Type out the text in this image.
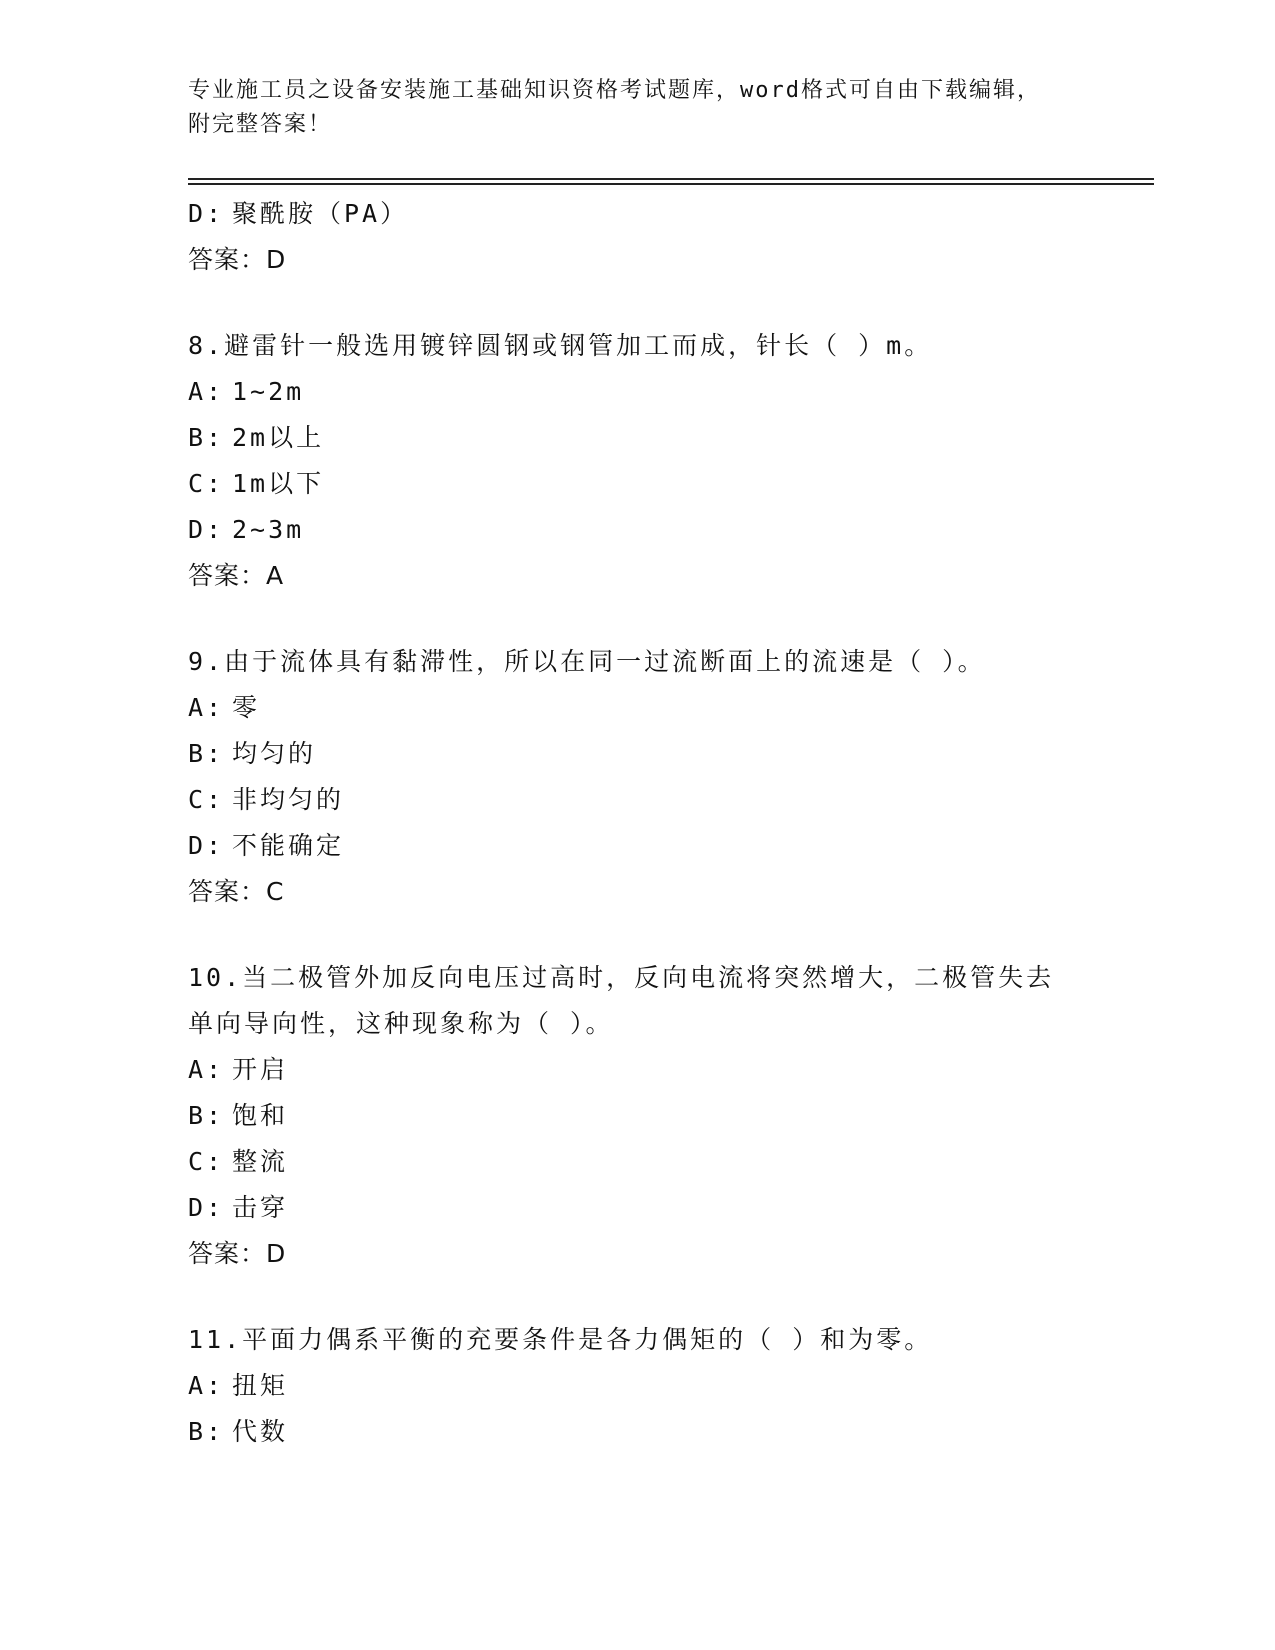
专业施工员之设备安装施工基础知识资格考试题库，word格式可自由下载编辑，
附完整答案！
D: 聚酰胺（PA）
答案：D
8.避雷针一般选用镀锌圆钢或钢管加工而成，针长（ ）m。
A: 1~2m
B: 2m以上
C: 1m以下
D: 2~3m
答案：A
9.由于流体具有黏滞性，所以在同一过流断面上的流速是（ ）。
A: 零
B: 均匀的
C: 非均匀的
D: 不能确定
答案：C
10.当二极管外加反向电压过高时，反向电流将突然增大，二极管失去
单向导向性，这种现象称为（ ）。
A: 开启
B: 饱和
C: 整流
D: 击穿
答案：D
11.平面力偶系平衡的充要条件是各力偶矩的（ ）和为零。
A: 扭矩
B: 代数
